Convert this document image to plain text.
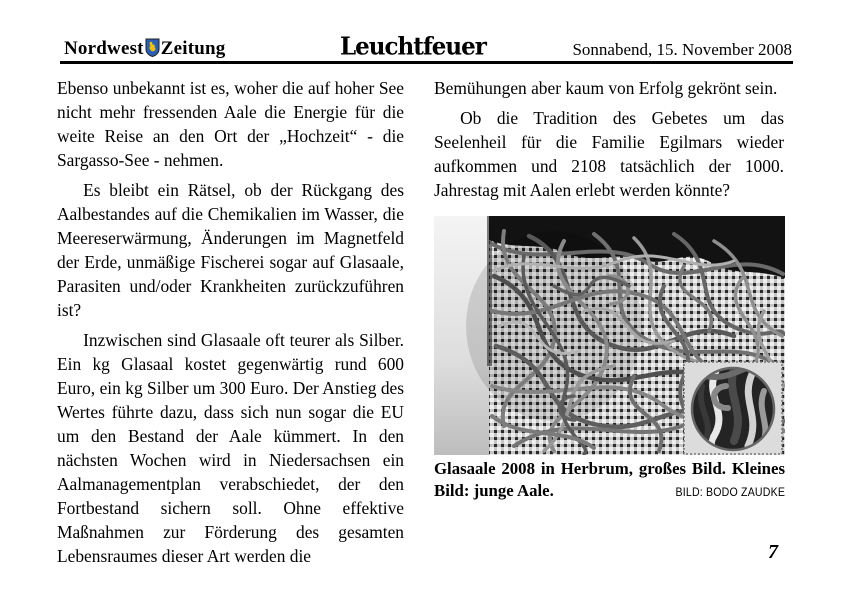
Nordwest Zeitung	Leuchtfeuer	Sonnabend, 15. November 2008

Ebenso unbekannt ist es, woher die auf hoher See nicht mehr fressenden Aale die Energie für die weite Reise an den Ort der „Hochzeit“ - die Sargasso-See - nehmen.

Es bleibt ein Rätsel, ob der Rückgang des Aalbestandes auf die Chemikalien im Wasser, die Meereserwärmung, Änderungen im Magnetfeld der Erde, unmäßige Fischerei sogar auf Glasaale, Parasiten und/oder Krankheiten zurückzuführen ist?

Inzwischen sind Glasaale oft teurer als Silber. Ein kg Glasaal kostet gegenwärtig rund 600 Euro, ein kg Silber um 300 Euro. Der Anstieg des Wertes führte dazu, dass sich nun sogar die EU um den Bestand der Aale kümmert. In den nächsten Wochen wird in Niedersachsen ein Aalmanagementplan verabschiedet, der den Fortbestand sichern soll. Ohne effektive Maßnahmen zur Förderung des gesamten Lebensraumes dieser Art werden die

Bemühungen aber kaum von Erfolg gekrönt sein.

Ob die Tradition des Gebetes um das Seelenheil für die Familie Egilmars wieder aufkommen und 2108 tatsächlich der 1000. Jahrestag mit Aalen erlebt werden könnte?

Glasaale 2008 in Herbrum, großes Bild. Kleines
Bild: junge Aale.	BILD: BODO ZAUDKE
7
